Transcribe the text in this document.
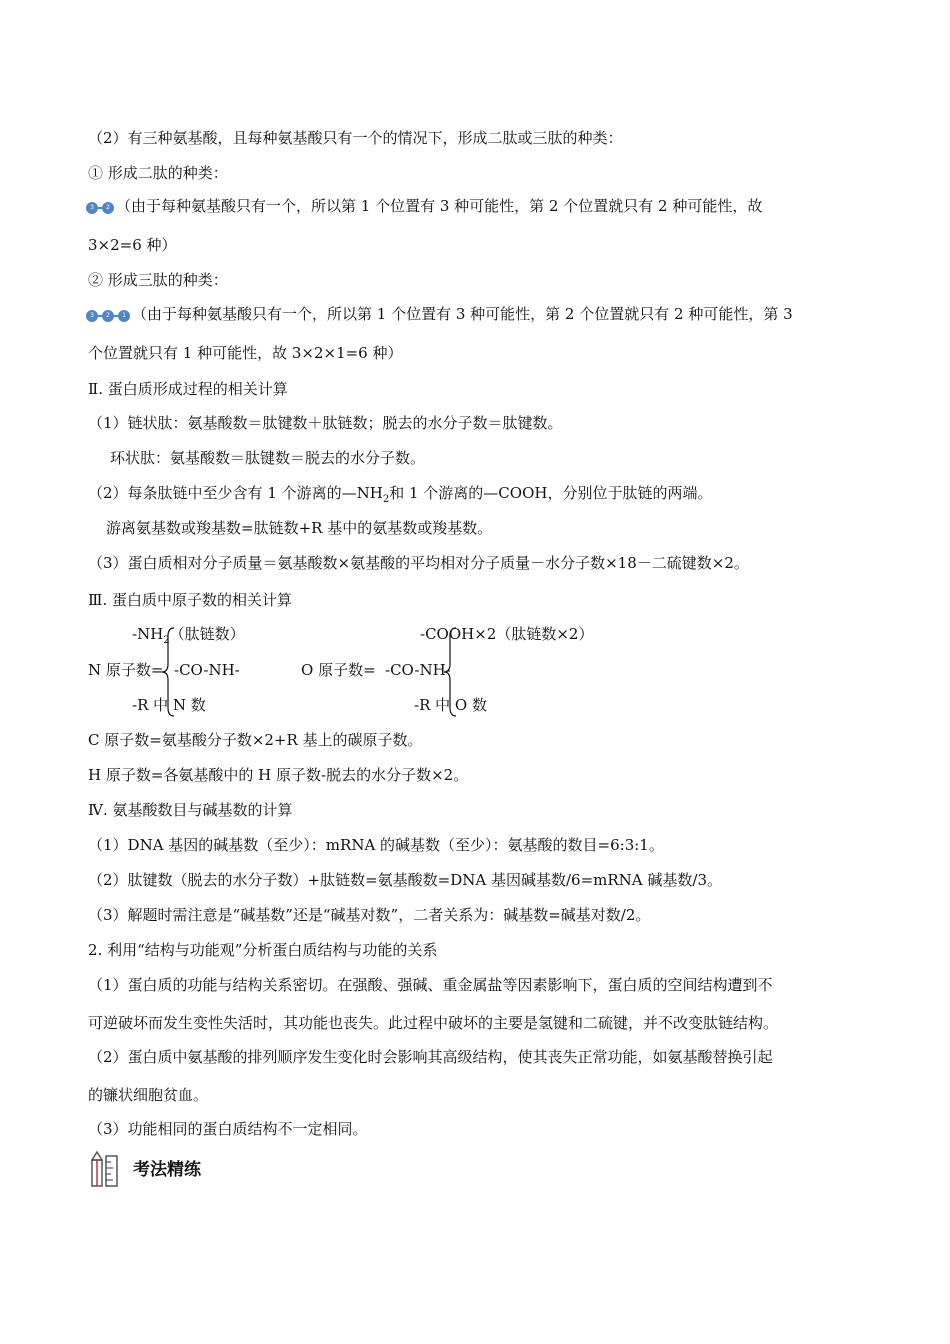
（2）有三种氨基酸，且每种氨基酸只有一个的情况下，形成二肽或三肽的种类：
① 形成二肽的种类：
3 2 （由于每种氨基酸只有一个，所以第 1 个位置有 3 种可能性，第 2 个位置就只有 2 种可能性，故
3×2=6 种）
② 形成三肽的种类：
3 2 1 （由于每种氨基酸只有一个，所以第 1 个位置有 3 种可能性，第 2 个位置就只有 2 种可能性，第 3
个位置就只有 1 种可能性，故 3×2×1=6 种）
Ⅱ. 蛋白质形成过程的相关计算
（1）链状肽：氨基酸数＝肽键数＋肽链数；脱去的水分子数＝肽键数。
环状肽：氨基酸数＝肽键数＝脱去的水分子数。
（2）每条肽链中至少含有 1 个游离的$—NH_2$和 1 个游离的—COOH，分别位于肽链的两端。
游离氨基数或羧基数=肽链数+R 基中的氨基数或羧基数。
（3）蛋白质相对分子质量＝氨基酸数×氨基酸的平均相对分子质量－水分子数×18－二硫键数×2。
Ⅲ. 蛋白质中原子数的相关计算
$-NH_2$（肽链数）
N 原子数= -CO-NH-
-R 中 N 数
-COOH×2（肽链数×2）
O 原子数= -CO-NH-
-R 中 O 数
C 原子数=氨基酸分子数×2+R 基上的碳原子数。
H 原子数=各氨基酸中的 H 原子数-脱去的水分子数×2。
Ⅳ. 氨基酸数目与碱基数的计算
（1）DNA 基因的碱基数（至少）：mRNA 的碱基数（至少）：氨基酸的数目=6:3:1。
（2）肽键数（脱去的水分子数）+肽链数=氨基酸数=DNA 基因碱基数/6=mRNA 碱基数/3。
（3）解题时需注意是“碱基数”还是“碱基对数”，二者关系为：碱基数=碱基对数/2。
2. 利用“结构与功能观”分析蛋白质结构与功能的关系
（1）蛋白质的功能与结构关系密切。在强酸、强碱、重金属盐等因素影响下，蛋白质的空间结构遭到不
可逆破坏而发生变性失活时，其功能也丧失。此过程中破坏的主要是氢键和二硫键，并不改变肽链结构。
（2）蛋白质中氨基酸的排列顺序发生变化时会影响其高级结构，使其丧失正常功能，如氨基酸替换引起
的镰状细胞贫血。
（3）功能相同的蛋白质结构不一定相同。
考法精练
